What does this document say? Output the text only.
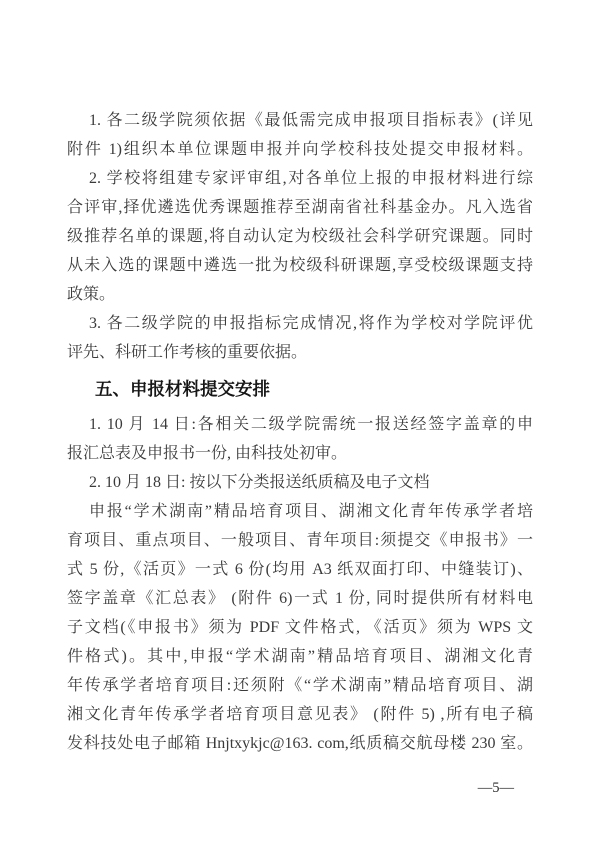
1. 各二级学院须依据《最低需完成申报项目指标表》(详见
附件 1)组织本单位课题申报并向学校科技处提交申报材料。
2. 学校将组建专家评审组,对各单位上报的申报材料进行综
合评审,择优遴选优秀课题推荐至湖南省社科基金办。凡入选省
级推荐名单的课题,将自动认定为校级社会科学研究课题。同时
从未入选的课题中遴选一批为校级科研课题,享受校级课题支持
政策。
3. 各二级学院的申报指标完成情况,将作为学校对学院评优
评先、科研工作考核的重要依据。
五、申报材料提交安排
1. 10 月 14 日:各相关二级学院需统一报送经签字盖章的申
报汇总表及申报书一份, 由科技处初审。
2. 10 月 18 日: 按以下分类报送纸质稿及电子文档
申报“学术湖南”精品培育项目、湖湘文化青年传承学者培
育项目、重点项目、一般项目、青年项目:须提交《申报书》一
式 5 份,《活页》一式 6 份(均用 A3 纸双面打印、中缝装订)、
签字盖章《汇总表》 (附件 6)一式 1 份, 同时提供所有材料电
子文档(《申报书》须为 PDF 文件格式, 《活页》须为 WPS 文
件格式)。其中,申报“学术湖南”精品培育项目、湖湘文化青
年传承学者培育项目:还须附《“学术湖南”精品培育项目、湖
湘文化青年传承学者培育项目意见表》 (附件 5) ,所有电子稿
发科技处电子邮箱 Hnjtxykjc@163. com,纸质稿交航母楼 230 室。
—5—
